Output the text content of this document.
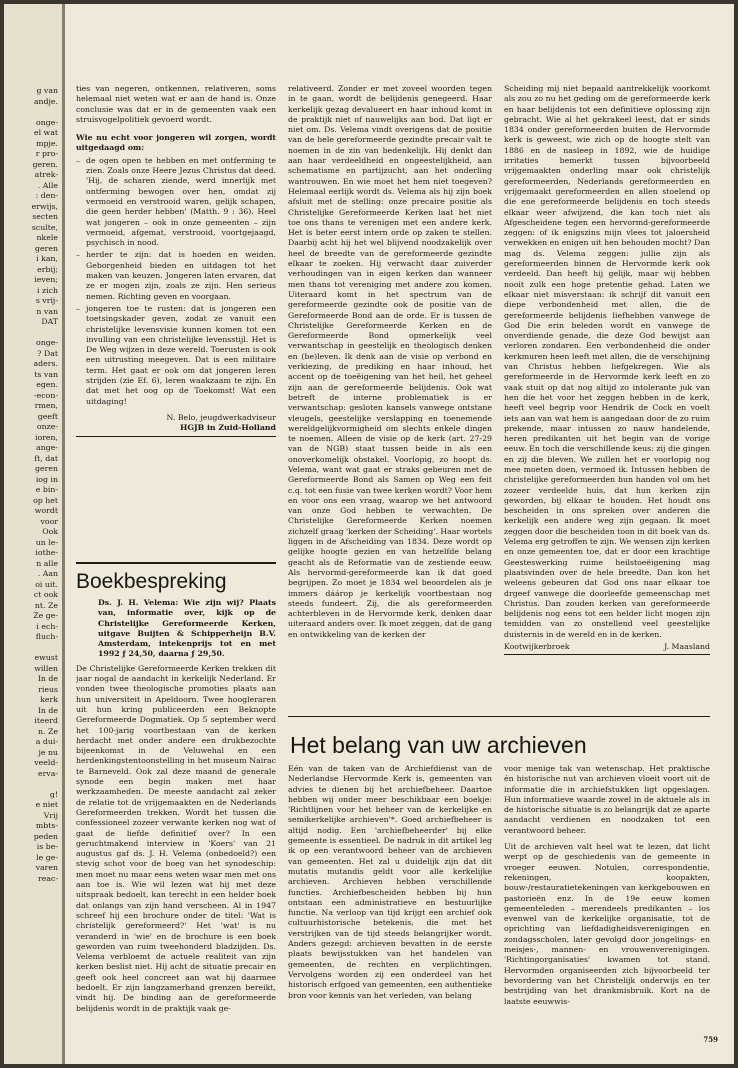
g van
andje.

onge-
el wat
mpje.
r pro-
geren.
atrek-
. Alle
: den-
erwijs,
secten
sculte,
nkele
geren
i kan,
erbij;
ieven;
i zich
s vrij-
n van
DAT

onge-
? Dat
aders.
ts van
egen.
-econ-
rmen,
geeft
onze-
ioren,
ange-
ft, dat
geren
iog in
e bin-
op het
wordt
voor
Ook
un le-
iothe-
n alle
. Aan
oi uit.
ct ook
nt. Ze
Ze ge-
i ech-
fluch-

ewust
willen
In de
rieus
kerk
In de
iteerd
n. Ze
a dui-
je nu
veeld-
erva-

g!
e niet
Vrij
mbts-
peden
is be-
le ge-
varen
reac-

ties van negeren, ontkennen, relativeren, soms helemaal niet weten wat er aan de hand is. Onze conclusie was dat er in de gemeenten vaak een struisvogelpolitiek gevoerd wordt.

Wie nu echt voor jongeren wil zorgen, wordt uitgedaagd om:

– de ogen open te hebben en met ontferming te zien. Zoals onze Heere Jezus Christus dat deed. 'Hij, de scharen ziende, werd innerlijk met ontferming bewogen over hen, omdat zij vermoeid en verstrooid waren, gelijk schapen, die geen herder hebben' (Matth. 9 : 36). Heel wat jongeren – ook in onze gemeenten – zijn vermoeid, afgemat, verstrooid, voortgejaagd, psychisch in nood.
– herder te zijn: dat is hoeden en weiden. Geborgenheid bieden en uitdagen tot het maken van keuzen. Jongeren laten ervaren, dat ze er mogen zijn, zoals ze zijn. Hen serieus nemen. Richting geven en voorgaan.
– jongeren toe te rusten: dat is jongeren een toetsingskader geven, zodat ze vanuit een christelijke levensvisie kunnen komen tot een invulling van een christelijke levensstijl. Het is De Weg wijzen in deze wereld. Toerusten is ook een uitrusting meegeven. Dat is een militaire term. Het gaat er ook om dat jongeren leren strijden (zie Ef. 6), leren waakzaam te zijn. En dat met het oog op de Toekomst! Wat een uitdaging!
N. Belo, jeugdwerkadviseur
HGJB in Zuid-Holland
Boekbespreking

Ds. J. H. Velema: Wie zijn wij? Plaats van, informatie over, kijk op de Christelijke Gereformeerde Kerken, uitgave Buijten & Schipperheijn B.V. Amsterdam, intekenprijs tot en met 1992 ƒ 24,50, daarna ƒ 29,50.

De Christelijke Gereformeerde Kerken trekken dit jaar nogal de aandacht in kerkelijk Nederland. Er vonden twee theologische promoties plaats aan hun universiteit in Apeldoorn. Twee hoogleraren uit hun kring publiceerden een Beknopte Gereformeerde Dogmatiek. Op 5 september werd het 100-jarig voortbestaan van de kerken herdacht met onder andere een drukbezochte bijeenkomst in de Veluwehal en een herdenkingstentoonstelling in het museum Nairac te Barneveld. Ook zal deze maand de generale synode een begin maken met haar werkzaamheden. De meeste aandacht zal zeker de relatie tot de vrijgemaakten en de Nederlands Gereformeerden trekken. Wordt het tussen die confessioneel zozeer verwante kerken nog wat of gaat de liefde definitief over? In een geruchtmakend interview in 'Koers' van 21 augustus gaf ds. J. H. Velema (onbedoeld?) een stevig schot voor de boeg van het synodeschip: men moet nu maar eens weten waar men met ons aan toe is. Wie wil lezen wat hij met deze uitspraak bedoelt, kan terecht in een helder boek dat onlangs van zijn hand verscheen. Al in 1947 schreef hij een brochure onder de titel: 'Wat is christelijk gereformeerd?' Het 'wat' is nu veranderd in 'wie' en de brochure is een boek geworden van ruim tweehonderd bladzijden. Ds. Velema verbloemt de actuele realiteit van zijn kerken beslist niet. Hij acht de situatie precair en geeft ook heel concreet aan wat hij daarmee bedoelt. Er zijn langzamerhand grenzen bereikt, vindt hij. De binding aan de gereformeerde belijdenis wordt in de praktijk vaak ge-

relativeerd. Zonder er met zoveel woorden tegen in te gaan, wordt de belijdenis genegeerd. Haar kerkelijk gezag devalueert en haar inhoud komt in de praktijk niet of nauwelijks aan bod. Dat ligt er niet om. Ds. Velema vindt overigens dat de positie van de hele gereformeerde gezindte precair valt te noemen in de zin van bedenkelijk. Hij denkt dan aan haar verdeeldheid en ongeestelijkheid, aan schematisme en partijzucht, aan het onderling wantrouwen. En wie moet het hem niet toegeven? Helemaal eerlijk wordt ds. Velema als hij zijn boek afsluit met de stelling: onze precaire positie als Christelijke Gereformeerde Kerken laat het niet toe ons thans te verenigen met een andere kerk. Het is beter eerst intern orde op zaken te stellen. Daarbij acht hij het wel blijvend noodzakelijk over heel de breedte van de gereformeerde gezindte elkaar te zoeken. Hij verwacht daar zuiverder verhoudingen van in eigen kerken dan wanneer men thans tot vereniging met andere zou komen. Uiteraard komt in het spectrum van de gereformeerde gezindte ook de positie van de Gereformeerde Bond aan de orde. Er is tussen de Christelijke Gereformeerde Kerken en de Gereformeerde Bond opmerkelijk veel verwantschap in geestelijk en theologisch denken en (be)leven. Ik denk aan de visie op verbond en verkiezing, de prediking en haar inhoud, het accent op de toeëigening van het heil, het geheel zijn aan de gereformeerde belijdenis. Ook wat betreft de interne problematiek is er verwantschap: gesloten kansels vanwege ontstane vleugels, geestelijke verslapping en toenemende wereldgelijkvormigheid om slechts enkele dingen te noemen. Alleen de visie op de kerk (art. 27-29 van de NGB) staat tussen beide in als een onoverkomelijk obstakel. Voorlopig, zo hoopt ds. Velema, want wat gaat er straks gebeuren met de Gereformeerde Bond als Samen op Weg een feit c.q. tot een fusie van twee kerken wordt? Voor hem en voor ons een vraag, waarop we het antwoord van onze God hebben te verwachten. De Christelijke Gereformeerde Kerken noemen zichzelf graag 'kerken der Scheiding'. Haar wortels liggen in de Afscheiding van 1834. Deze wordt op gelijke hoogte gezien en van hetzelfde belang geacht als de Reformatie van de zestiende eeuw. Als hervormd-gereformeerde kan ik dat goed begrijpen. Zo moet je 1834 wel beoordelen als je immers dáárop je kerkelijk voortbestaan nog steeds fundeert. Zij, die als gereformeerden achterbleven in de Hervormde kerk, denken daar uiteraard anders over. Ik moet zeggen, dat de gang en ontwikkeling van de kerken der

Scheiding mij niet bepaald aantrekkelijk voorkomt als zou zo nu het geding om de gereformeerde kerk en haar belijdenis tot een definitieve oplossing zijn gebracht. Wie al het gekrakeel leest, dat er sinds 1834 onder gereformeerden buiten de Hervormde kerk is geweest, wie zich op de hoogte stelt van 1886 en de nasleep in 1892, wie de huidige irritaties bemerkt tussen bijvoorbeeld vrijgemaakten onderling maar ook christelijk gereformeerden, Nederlands gereformeerden en vrijgemaakt gereformeerden en allen stoelend op die ene gereformeerde belijdenis en toch steeds elkaar weer afwijzend, die kan toch niet als Afgescheidene tegen een hervormd-gereformeerde zeggen: of ik enigszins mijn vlees tot jaloersheid verwekken en enigen uit hen behouden mocht? Dan mag ds. Velema zeggen: jullie zijn als gereformeerden binnen de Hervormde kerk ook verdeeld. Dan heeft hij gelijk, maar wij hebben nooit zulk een hoge pretentie gehad. Laten we elkaar niet misverstaan: ik schrijf dit vanuit een diepe verbondenheid met allen, die de gereformeerde belijdenis liefhebben vanwege de God Die erin beleden wordt en vanwege de onverdiende genade, die deze God bewijst aan verloren zondaren. Een verbondenheid die onder kerkmuren heen leeft met allen, die de verschijning van Christus hebben liefgekregen. Wie als gereformeerde in de Hervormde kerk leeft en zo vaak stuit op dat nog altijd zo intolerante juk van hen die het voor het zeggen hebben in de kerk, heeft veel begrip voor Hendrik de Cock en voelt iets aan van wat hem is aangedaan door de zo ruim prekende, maar intussen zo nauw handelende, heren predikanten uit het begin van de vorige eeuw. En toch die verschillende keus: zij die gingen en zij die bleven. We zullen het er voorlopig nog mee moeten doen, vermoed ik. Intussen hebben de christelijke gereformeerden hun handen vol om het zozeer verdeelde huis, dat hun kerken zijn geworden, bij elkaar te houden. Het houdt ons bescheiden in ons spreken over anderen die kerkelijk een andere weg zijn gegaan. Ik moet zeggen door die bescheiden toon in dit boek van ds. Velema erg getroffen te zijn. We wensen zijn kerken en onze gemeenten toe, dat er door een krachtige Geesteswerking ruime heilstoeëigening mag plaatsvinden over de hele breedte. Dan kon het weleens gebeuren dat God ons naar elkaar toe drgeef vanwege die doorleefde gemeenschap met Christus. Dan zouden kerken van gereformeerde belijdenis nog eens tot een helder licht mogen zijn temidden van zo onstellend veel geestelijke duisternis in de wereld en in de kerken.

Kootwijkerbroek	J. Maasland
Het belang van uw archieven

Eén van de taken van de Archiefdienst van de Nederlandse Hervormde Kerk is, gemeenten van advies te dienen bij het archiefbeheer. Daartoe hebben wij onder meer beschikbaar een boekje: 'Richtlijnen voor het beheer van de kerkelijke en semikerkelijke archieven'*. Goed archiefbeheer is altijd nodig. Een 'archiefbeheerder' bij elke gemeente is essentieel. De nadruk in dit artikel leg ik op een verantwoord beheer van de archieven van gemeenten. Het zal u duidelijk zijn dat dit mutatis mutandis geldt voor alle kerkelijke archieven. Archieven hebben verschillende functies. Archiefbescheiden hebben bij hun ontstaan een administratieve en bestuurlijke functie. Na verloop van tijd krijgt een archief ook cultuurhistorische betekenis, die met het verstrijken van de tijd steeds belangrijker wordt. Anders gezegd: archieven bevatten in de eerste plaats bewijsstukken van het handelen van gemeenten, de rechten en verplichtingen. Vervolgens worden zij een onderdeel van het historisch erfgoed van gemeenten, een authentieke bron voor kennis van het verleden, van belang

voor menige tak van wetenschap. Het praktische én historische nut van archieven vloeit voort uit de informatie die in archiefstukken ligt opgeslagen. Hun informatieve waarde zowel in de aktuele als in de historische situatie is zo belangrijk dat ze aparte aandacht verdienen en noodzaken tot een verantwoord beheer.

Uit de archieven valt heel wat te lezen, dat licht werpt op de geschiedenis van de gemeente in vroeger eeuwen. Notulen, correspondentie, rekeningen, koopakten, bouw-/restauratietekeningen van kerkgebouwen en pastorieën enz. In de 19e eeuw komen gemeenteleden – merendeels predikanten – los evenwel van de kerkelijke organisatie, tot de oprichting van liefdadigheidsverenigingen en zondagsscholen, later gevolgd door jongelings- en meisjes-, mannen- en vrouwenverenigingen. 'Richtingorganisaties' kwamen tot stand. Hervormden organiseerden zich bijvoorbeeld ter bevordering van het Christelijk onderwijs en ter bestrijding van het drankmisbruik. Kort na de laatste eeuwwis-

759
